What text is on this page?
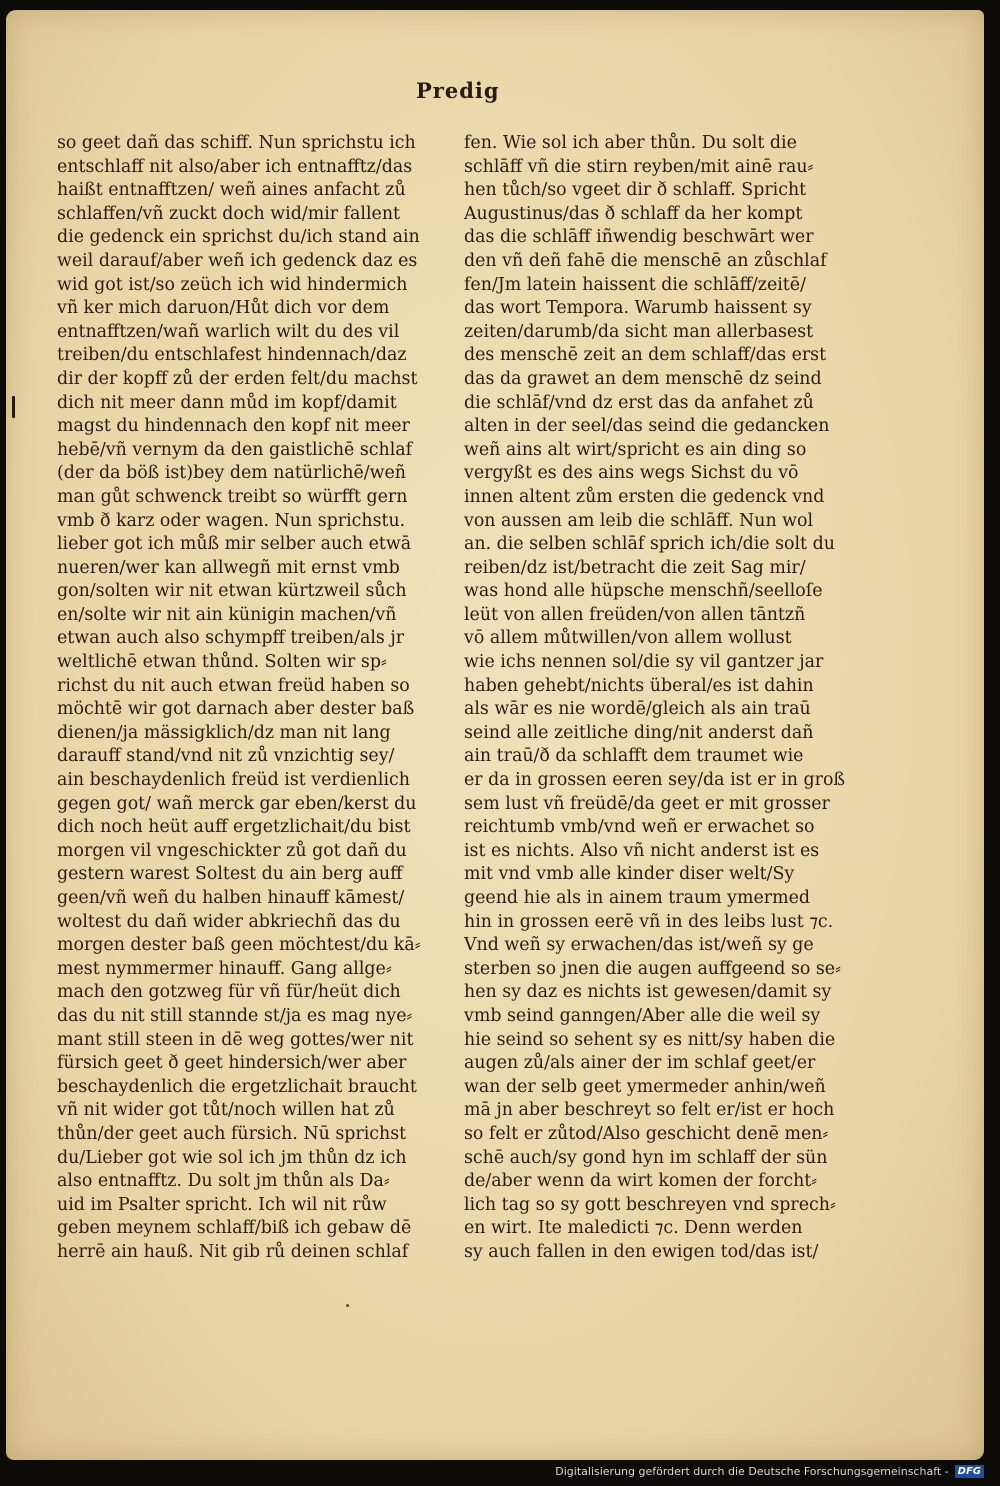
Predig
so geet dañ das schiff. Nun sprichstu ich
entschlaff nit also/aber ich entnafftz/das
haißt entnafftzen/ weñ aines anfacht zů
schlaffen/vñ zuckt doch wid/mir fallent
die gedenck ein sprichst du/ich stand ain
weil darauf/aber weñ ich gedenck daz es
wid got ist/so zeüch ich wid hindermich
vñ ker mich daruon/Hůt dich vor dem
entnafftzen/wañ warlich wilt du des vil
treiben/du entschlafest hindennach/daz
dir der kopff zů der erden felt/du machst
dich nit meer dann můd im kopf/damit
magst du hindennach den kopf nit meer
hebē/vñ vernym da den gaistlichē schlaf
(der da böß ist)bey dem natürlichē/weñ
man gůt schwenck treibt so würfft gern
vmb ð karz oder wagen. Nun sprichstu.
lieber got ich můß mir selber auch etwā
nueren/wer kan allwegñ mit ernst vmb
gon/solten wir nit etwan kürtzweil sůch
en/solte wir nit ain künigin machen/vñ
etwan auch also schympff treiben/als jr
weltlichē etwan thůnd. Solten wir sp⸗
richst du nit auch etwan freüd haben so
möchtē wir got darnach aber dester baß
dienen/ja mässigklich/dz man nit lang
darauff stand/vnd nit zů vnzichtig sey/
ain beschaydenlich freüd ist verdienlich
gegen got/ wañ merck gar eben/kerst du
dich noch heüt auff ergetzlichait/du bist
morgen vil vngeschickter zů got dañ du
gestern warest Soltest du ain berg auff
geen/vñ weñ du halben hinauff kāmest/
woltest du dañ wider abkriechñ das du
morgen dester baß geen möchtest/du kā⸗
mest nymmermer hinauff. Gang allge⸗
mach den gotzweg für vñ für/heüt dich
das du nit still stannde st/ja es mag nye⸗
mant still steen in dē weg gottes/wer nit
fürsich geet ð geet hindersich/wer aber
beschaydenlich die ergetzlichait braucht
vñ nit wider got tůt/noch willen hat zů
thůn/der geet auch fürsich. Nū sprichst
du/Lieber got wie sol ich jm thůn dz ich
also entnafftz. Du solt jm thůn als Da⸗
uid im Psalter spricht. Ich wil nit růw
geben meynem schlaff/biß ich gebaw dē
herrē ain hauß. Nit gib rů deinen schlaf
fen. Wie sol ich aber thůn. Du solt die
schlāff vñ die stirn reyben/mit ainē rau⸗
hen tůch/so vgeet dir ð schlaff. Spricht
Augustinus/das ð schlaff da her kompt
das die schlāff iñwendig beschwārt wer
den vñ deñ fahē die menschē an zůschlaf
fen/Jm latein haissent die schlāff/zeitē/
das wort Tempora. Warumb haissent sy
zeiten/darumb/da sicht man allerbasest
des menschē zeit an dem schlaff/das erst
das da grawet an dem menschē dz seind
die schlāf/vnd dz erst das da anfahet zů
alten in der seel/das seind die gedancken
weñ ains alt wirt/spricht es ain ding so
vergyßt es des ains wegs Sichst du vō
innen altent zům ersten die gedenck vnd
von aussen am leib die schlāff. Nun wol
an. die selben schlāf sprich ich/die solt du
reiben/dz ist/betracht die zeit Sag mir/
was hond alle hüpsche menschñ/seelloſe
leüt von allen freüden/von allen tāntzñ
vō allem můtwillen/von allem wollust
wie ichs nennen sol/die sy vil gantzer jar
haben gehebt/nichts überal/es ist dahin
als wār es nie wordē/gleich als ain traū
seind alle zeitliche ding/nit anderst dañ
ain traū/ð da schlafft dem traumet wie
er da in grossen eeren sey/da ist er in groß
sem lust vñ freüdē/da geet er mit grosser
reichtumb vmb/vnd weñ er erwachet so
ist es nichts. Also vñ nicht anderst ist es
mit vnd vmb alle kinder diser welt/Sy
geend hie als in ainem traum ymermed
hin in grossen eerē vñ in des leibs lust ⁊c.
Vnd weñ sy erwachen/das ist/weñ sy ge
sterben so jnen die augen auffgeend so se⸗
hen sy daz es nichts ist gewesen/damit sy
vmb seind ganngen/Aber alle die weil sy
hie seind so sehent sy es nitt/sy haben die
augen zů/als ainer der im schlaf geet/er
wan der selb geet ymermeder anhin/weñ
mā jn aber beschreyt so felt er/ist er hoch
so felt er zůtod/Also geschicht denē men⸗
schē auch/sy gond hyn im schlaff der sün
de/aber wenn da wirt komen der forcht⸗
lich tag so sy gott beschreyen vnd sprech⸗
en wirt. Ite maledicti ⁊c. Denn werden
sy auch fallen in den ewigen tod/das ist/
Digitalisierung gefördert durch die Deutsche Forschungsgemeinschaft - DFG
